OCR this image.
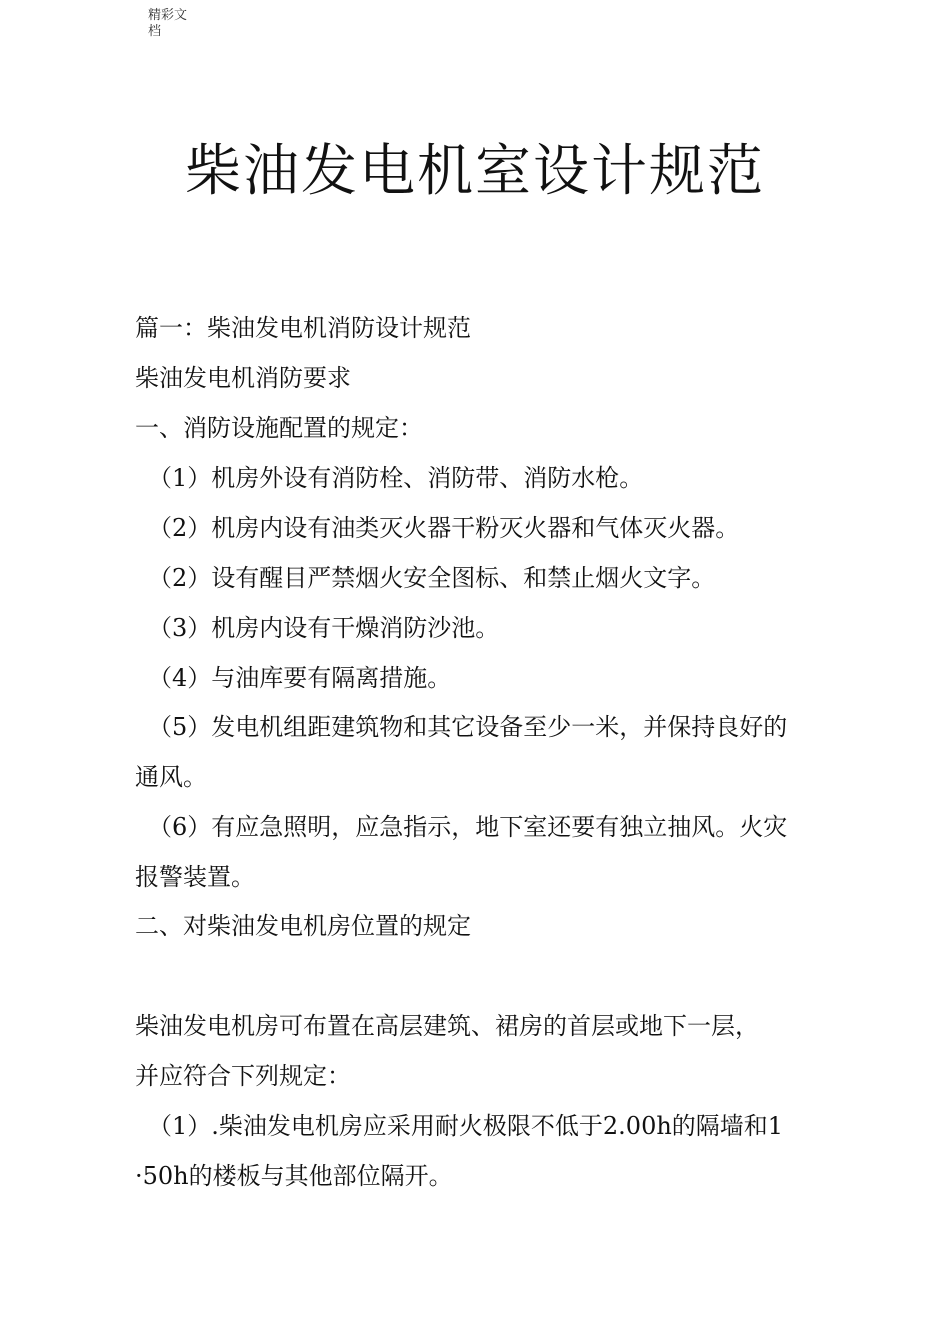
精彩文
档
柴油发电机室设计规范
篇一：柴油发电机消防设计规范
柴油发电机消防要求
一、消防设施配置的规定：
（1）机房外设有消防栓、消防带、消防水枪。
（2）机房内设有油类灭火器干粉灭火器和气体灭火器。
（2）设有醒目严禁烟火安全图标、和禁止烟火文字。
（3）机房内设有干燥消防沙池。
（4）与油库要有隔离措施。
（5）发电机组距建筑物和其它设备至少一米，并保持良好的
通风。
（6）有应急照明，应急指示，地下室还要有独立抽风。火灾
报警装置。
二、对柴油发电机房位置的规定
柴油发电机房可布置在高层建筑、裙房的首层或地下一层，
并应符合下列规定：
（1）.柴油发电机房应采用耐火极限不低于2.00h的隔墙和1
·50h的楼板与其他部位隔开。
